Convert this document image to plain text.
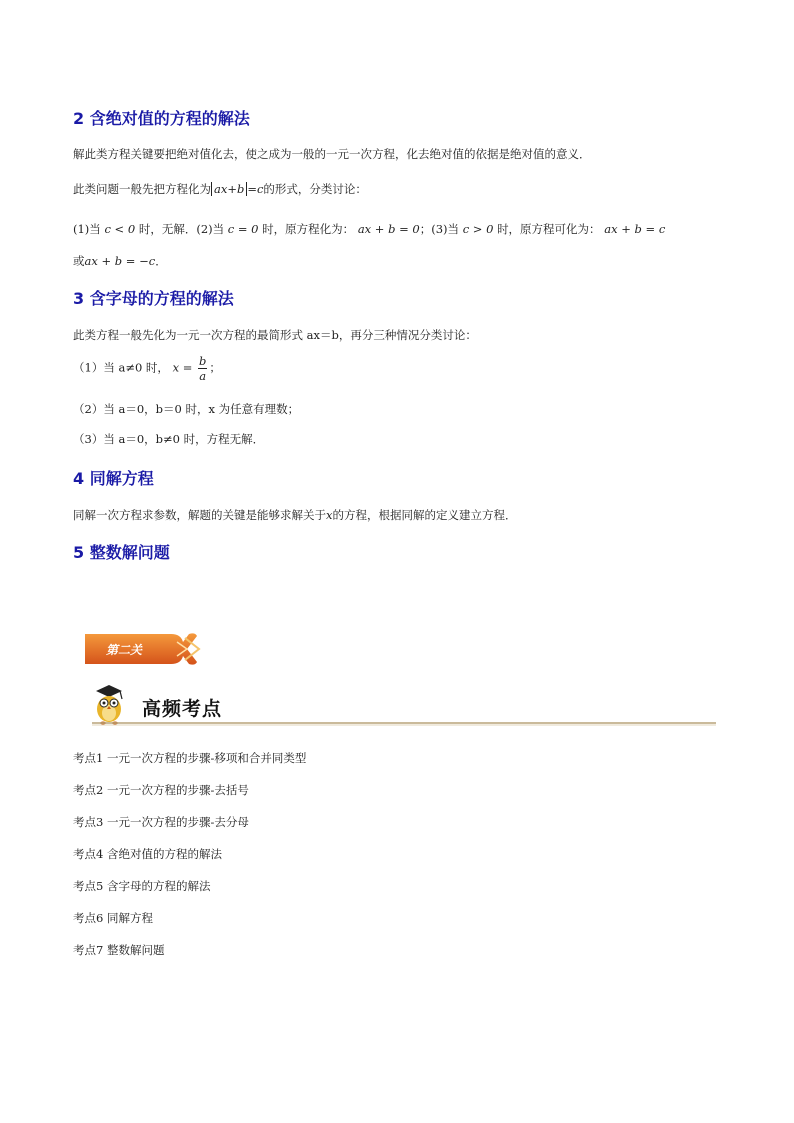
2 含绝对值的方程的解法

解此类方程关键要把绝对值化去，使之成为一般的一元一次方程，化去绝对值的依据是绝对值的意义．

此类问题一般先把方程化为 ax+b =c的形式，分类讨论：

(1)当 c < 0 时，无解．(2)当 c = 0 时，原方程化为： ax + b = 0；(3)当 c > 0 时，原方程可化为： ax + b = c

或ax + b = −c．

3 含字母的方程的解法

此类方程一般先化为一元一次方程的最简形式 ax＝b，再分三种情况分类讨论：

（1）当 a≠0 时， $x = \frac{b}{a}$ ；

（2）当 a＝0，b＝0 时，x 为任意有理数；

（3）当 a＝0，b≠0 时，方程无解．

4 同解方程

同解一次方程求参数，解题的关键是能够求解关于x的方程，根据同解的定义建立方程．

5 整数解问题
第二关
高频考点
考点1 一元一次方程的步骤-移项和合并同类型
考点2 一元一次方程的步骤-去括号
考点3 一元一次方程的步骤-去分母
考点4 含绝对值的方程的解法
考点5 含字母的方程的解法
考点6 同解方程
考点7 整数解问题
